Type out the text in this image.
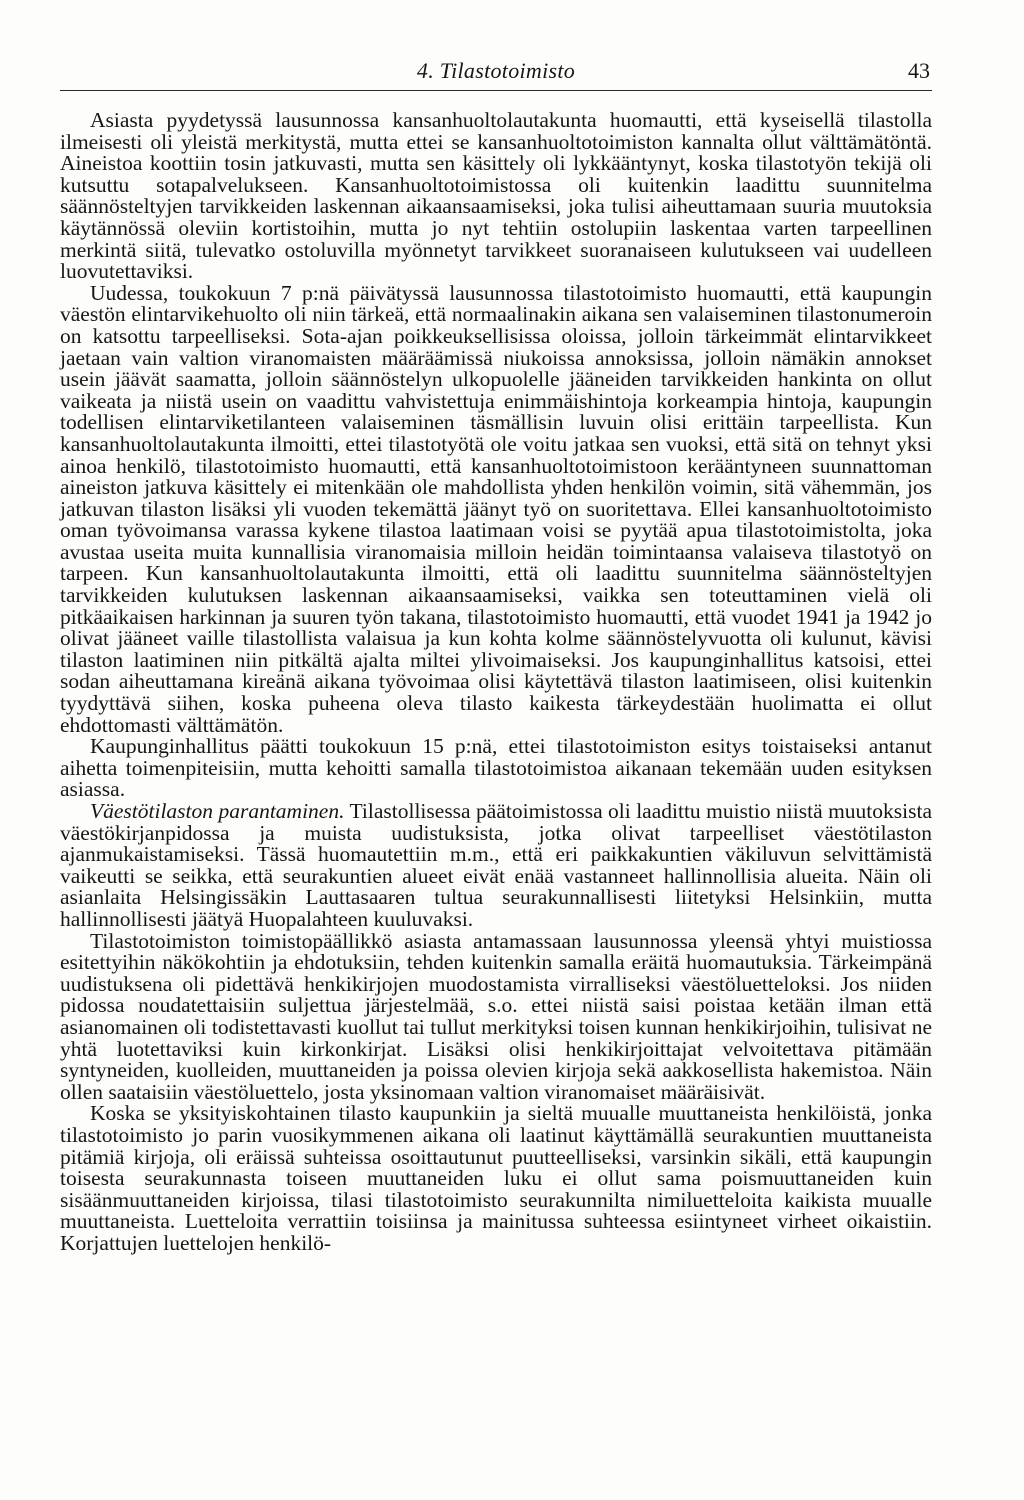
4. Tilastotoimisto	43

Asiasta pyydetyssä lausunnossa kansanhuoltolautakunta huomautti, että kyseisellä tilastolla ilmeisesti oli yleistä merkitystä, mutta ettei se kansanhuoltotoimiston kannalta ollut välttämätöntä. Aineistoa koottiin tosin jatkuvasti, mutta sen käsittely oli lykkääntynyt, koska tilastotyön tekijä oli kutsuttu sotapalvelukseen. Kansanhuoltotoimistossa oli kuitenkin laadittu suunnitelma säännösteltyjen tarvikkeiden laskennan aikaansaamiseksi, joka tulisi aiheuttamaan suuria muutoksia käytännössä oleviin kortistoihin, mutta jo nyt tehtiin ostolupiin laskentaa varten tarpeellinen merkintä siitä, tulevatko ostoluvilla myönnetyt tarvikkeet suoranaiseen kulutukseen vai uudelleen luovutettaviksi.

Uudessa, toukokuun 7 p:nä päivätyssä lausunnossa tilastotoimisto huomautti, että kaupungin väestön elintarvikehuolto oli niin tärkeä, että normaalinakin aikana sen valaiseminen tilastonumeroin on katsottu tarpeelliseksi. Sota-ajan poikkeuksellisissa oloissa, jolloin tärkeimmät elintarvikkeet jaetaan vain valtion viranomaisten määräämissä niukoissa annoksissa, jolloin nämäkin annokset usein jäävät saamatta, jolloin säännöstelyn ulkopuolelle jääneiden tarvikkeiden hankinta on ollut vaikeata ja niistä usein on vaadittu vahvistettuja enimmäishintoja korkeampia hintoja, kaupungin todellisen elintarviketilanteen valaiseminen täsmällisin luvuin olisi erittäin tarpeellista. Kun kansanhuoltolautakunta ilmoitti, ettei tilastotyötä ole voitu jatkaa sen vuoksi, että sitä on tehnyt yksi ainoa henkilö, tilastotoimisto huomautti, että kansanhuoltotoimistoon kerääntyneen suunnattoman aineiston jatkuva käsittely ei mitenkään ole mahdollista yhden henkilön voimin, sitä vähemmän, jos jatkuvan tilaston lisäksi yli vuoden tekemättä jäänyt työ on suoritettava. Ellei kansanhuoltotoimisto oman työvoimansa varassa kykene tilastoa laatimaan voisi se pyytää apua tilastotoimistolta, joka avustaa useita muita kunnallisia viranomaisia milloin heidän toimintaansa valaiseva tilastotyö on tarpeen. Kun kansanhuoltolautakunta ilmoitti, että oli laadittu suunnitelma säännösteltyjen tarvikkeiden kulutuksen laskennan aikaansaamiseksi, vaikka sen toteuttaminen vielä oli pitkäaikaisen harkinnan ja suuren työn takana, tilastotoimisto huomautti, että vuodet 1941 ja 1942 jo olivat jääneet vaille tilastollista valaisua ja kun kohta kolme säännöstelyvuotta oli kulunut, kävisi tilaston laatiminen niin pitkältä ajalta miltei ylivoimaiseksi. Jos kaupunginhallitus katsoisi, ettei sodan aiheuttamana kireänä aikana työvoimaa olisi käytettävä tilaston laatimiseen, olisi kuitenkin tyydyttävä siihen, koska puheena oleva tilasto kaikesta tärkeydestään huolimatta ei ollut ehdottomasti välttämätön.

Kaupunginhallitus päätti toukokuun 15 p:nä, ettei tilastotoimiston esitys toistaiseksi antanut aihetta toimenpiteisiin, mutta kehoitti samalla tilastotoimistoa aikanaan tekemään uuden esityksen asiassa.

Väestötilaston parantaminen. Tilastollisessa päätoimistossa oli laadittu muistio niistä muutoksista väestökirjanpidossa ja muista uudistuksista, jotka olivat tarpeelliset väestötilaston ajanmukaistamiseksi. Tässä huomautettiin m.m., että eri paikkakuntien väkiluvun selvittämistä vaikeutti se seikka, että seurakuntien alueet eivät enää vastanneet hallinnollisia alueita. Näin oli asianlaita Helsingissäkin Lauttasaaren tultua seurakunnallisesti liitetyksi Helsinkiin, mutta hallinnollisesti jäätyä Huopalahteen kuuluvaksi.

Tilastotoimiston toimistopäällikkö asiasta antamassaan lausunnossa yleensä yhtyi muistiossa esitettyihin näkökohtiin ja ehdotuksiin, tehden kuitenkin samalla eräitä huomautuksia. Tärkeimpänä uudistuksena oli pidettävä henkikirjojen muodostamista virralliseksi väestöluetteloksi. Jos niiden pidossa noudatettaisiin suljettua järjestelmää, s.o. ettei niistä saisi poistaa ketään ilman että asianomainen oli todistettavasti kuollut tai tullut merkityksi toisen kunnan henkikirjoihin, tulisivat ne yhtä luotettaviksi kuin kirkonkirjat. Lisäksi olisi henkikirjoittajat velvoitettava pitämään syntyneiden, kuolleiden, muuttaneiden ja poissa olevien kirjoja sekä aakkosellista hakemistoa. Näin ollen saataisiin väestöluettelo, josta yksinomaan valtion viranomaiset määräisivät.

Koska se yksityiskohtainen tilasto kaupunkiin ja sieltä muualle muuttaneista henkilöistä, jonka tilastotoimisto jo parin vuosikymmenen aikana oli laatinut käyttämällä seurakuntien muuttaneista pitämiä kirjoja, oli eräissä suhteissa osoittautunut puutteelliseksi, varsinkin sikäli, että kaupungin toisesta seurakunnasta toiseen muuttaneiden luku ei ollut sama poismuuttaneiden kuin sisäänmuuttaneiden kirjoissa, tilasi tilastotoimisto seurakunnilta nimiluetteloita kaikista muualle muuttaneista. Luetteloita verrattiin toisiinsa ja mainitussa suhteessa esiintyneet virheet oikaistiin. Korjattujen luettelojen henkilö-
